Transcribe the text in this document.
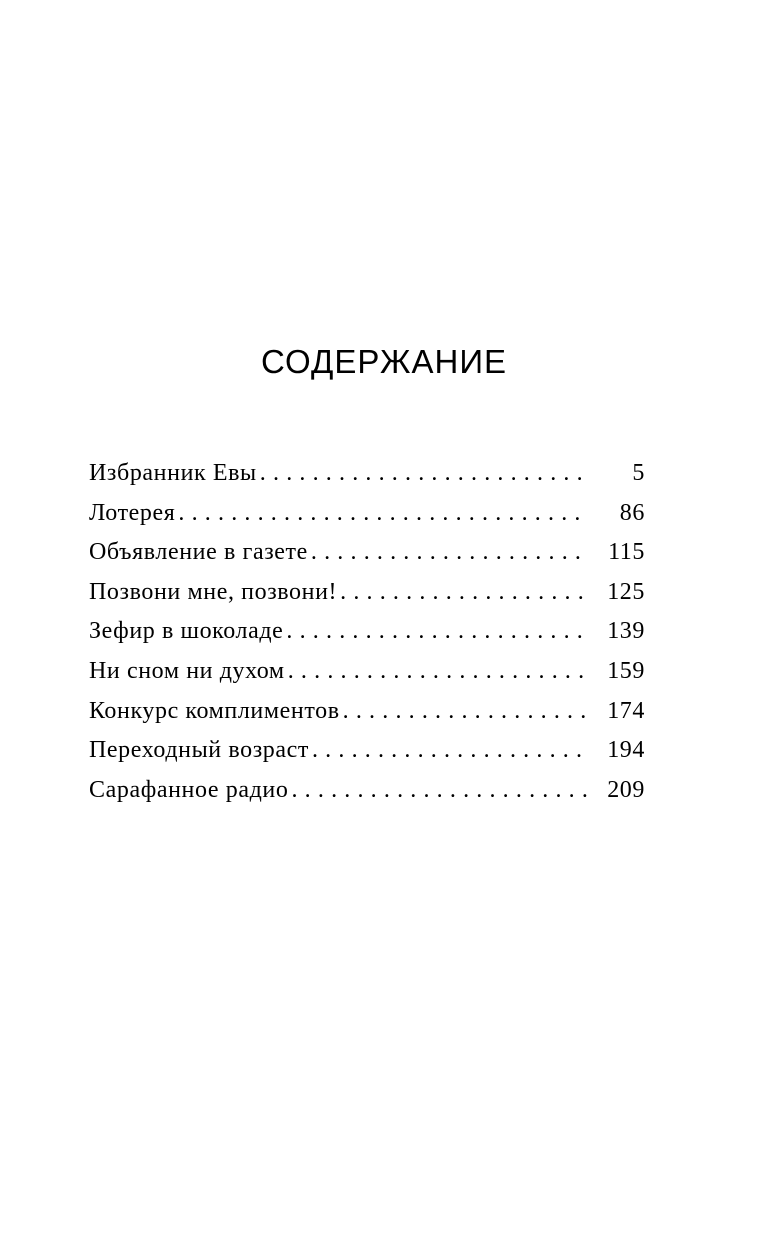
СОДЕРЖАНИЕ
Избранник Евы . . .	5
Лотерея . . .	86
Объявление в газете . . .	115
Позвони мне, позвони! . . .	125
Зефир в шоколаде . . .	139
Ни сном ни духом . . .	159
Конкурс комплиментов . . .	174
Переходный возраст . . .	194
Сарафанное радио . . .	209
